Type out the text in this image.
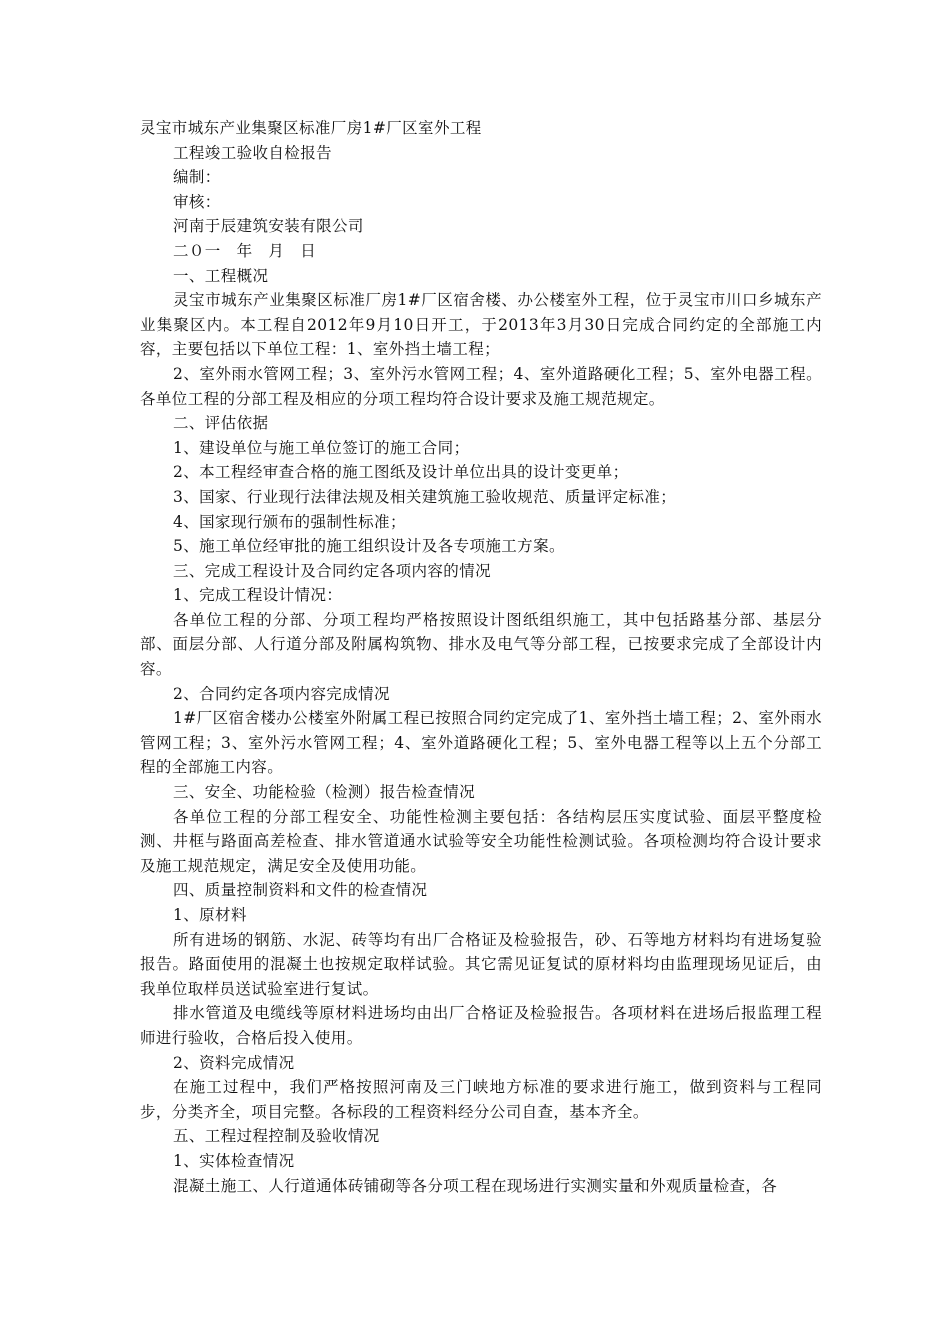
灵宝市城东产业集聚区标准厂房1#厂区室外工程

工程竣工验收自检报告

编制：

审核：

河南于辰建筑安装有限公司

二０一　年　月　日

一、工程概况

灵宝市城东产业集聚区标准厂房1#厂区宿舍楼、办公楼室外工程，位于灵宝市川口乡城东产业集聚区内。本工程自2012年9月10日开工，于2013年3月30日完成合同约定的全部施工内容，主要包括以下单位工程：1、室外挡土墙工程；

2、室外雨水管网工程；3、室外污水管网工程；4、室外道路硬化工程；5、室外电器工程。各单位工程的分部工程及相应的分项工程均符合设计要求及施工规范规定。

二、评估依据

1、建设单位与施工单位签订的施工合同；

2、本工程经审查合格的施工图纸及设计单位出具的设计变更单；

3、国家、行业现行法律法规及相关建筑施工验收规范、质量评定标准；

4、国家现行颁布的强制性标准；

5、施工单位经审批的施工组织设计及各专项施工方案。

三、完成工程设计及合同约定各项内容的情况

1、完成工程设计情况：

各单位工程的分部、分项工程均严格按照设计图纸组织施工，其中包括路基分部、基层分部、面层分部、人行道分部及附属构筑物、排水及电气等分部工程，已按要求完成了全部设计内容。

2、合同约定各项内容完成情况

1#厂区宿舍楼办公楼室外附属工程已按照合同约定完成了1、室外挡土墙工程；2、室外雨水管网工程；3、室外污水管网工程；4、室外道路硬化工程；5、室外电器工程等以上五个分部工程的全部施工内容。

三、安全、功能检验（检测）报告检查情况

各单位工程的分部工程安全、功能性检测主要包括：各结构层压实度试验、面层平整度检测、井框与路面高差检查、排水管道通水试验等安全功能性检测试验。各项检测均符合设计要求及施工规范规定，满足安全及使用功能。

四、质量控制资料和文件的检查情况

1、原材料

所有进场的钢筋、水泥、砖等均有出厂合格证及检验报告，砂、石等地方材料均有进场复验报告。路面使用的混凝土也按规定取样试验。其它需见证复试的原材料均由监理现场见证后，由我单位取样员送试验室进行复试。

排水管道及电缆线等原材料进场均由出厂合格证及检验报告。各项材料在进场后报监理工程师进行验收，合格后投入使用。

2、资料完成情况

在施工过程中，我们严格按照河南及三门峡地方标准的要求进行施工，做到资料与工程同步，分类齐全，项目完整。各标段的工程资料经分公司自查，基本齐全。

五、工程过程控制及验收情况

1、实体检查情况

混凝土施工、人行道通体砖铺砌等各分项工程在现场进行实测实量和外观质量检查，各
